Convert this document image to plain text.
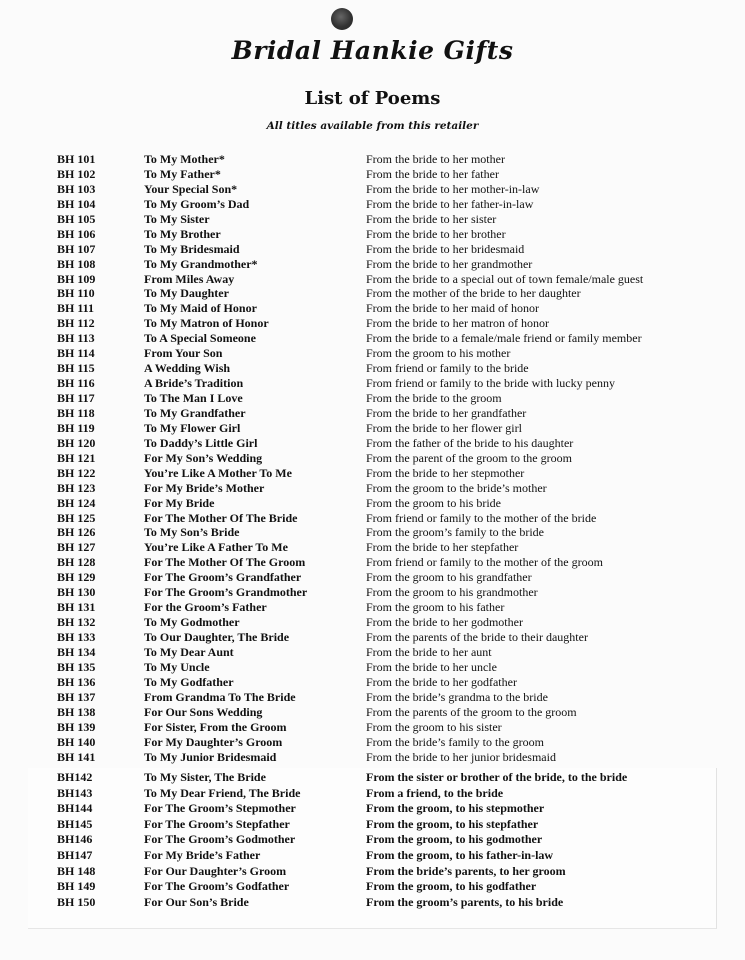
Bridal Hankie Gifts
List of Poems
All titles available from this retailer
BH 101	To My Mother*	From the bride to her mother
BH 102	To My Father*	From the bride to her father
BH 103	Your Special Son*	From the bride to her mother-in-law
BH 104	To My Groom’s Dad	From the bride to her father-in-law
BH 105	To My Sister	From the bride to her sister
BH 106	To My Brother	From the bride to her brother
BH 107	To My Bridesmaid	From the bride to her bridesmaid
BH 108	To My Grandmother*	From the bride to her grandmother
BH 109	From Miles Away	From the bride to a special out of town female/male guest
BH 110	To My Daughter	From the mother of the bride to her daughter
BH 111	To My Maid of Honor	From the bride to her maid of honor
BH 112	To My Matron of Honor	From the bride to her matron of honor
BH 113	To A Special Someone	From the bride to a female/male friend or family member
BH 114	From Your Son	From the groom to his mother
BH 115	A Wedding Wish	From friend or family to the bride
BH 116	A Bride’s Tradition	From friend or family to the bride with lucky penny
BH 117	To The Man I Love	From the bride to the groom
BH 118	To My Grandfather	From the bride to her grandfather
BH 119	To My Flower Girl	From the bride to her flower girl
BH 120	To Daddy’s Little Girl	From the father of the bride to his daughter
BH 121	For My Son’s Wedding	From the parent of the groom to the groom
BH 122	You’re Like A Mother To Me	From the bride to her stepmother
BH 123	For My Bride’s Mother	From the groom to the bride’s mother
BH 124	For My Bride	From the groom to his bride
BH 125	For The Mother Of The Bride	From friend or family to the mother of the bride
BH 126	To My Son’s Bride	From the groom’s family to the bride
BH 127	You’re Like A Father To Me	From the bride to her stepfather
BH 128	For The Mother Of The Groom	From friend or family to the mother of the groom
BH 129	For The Groom’s Grandfather	From the groom to his grandfather
BH 130	For The Groom’s Grandmother	From the groom to his grandmother
BH 131	For the Groom’s Father	From the groom to his father
BH 132	To My Godmother	From the bride to her godmother
BH 133	To Our Daughter, The Bride	From the parents of the bride to their daughter
BH 134	To My Dear Aunt	From the bride to her aunt
BH 135	To My Uncle	From the bride to her uncle
BH 136	To My Godfather	From the bride to her godfather
BH 137	From Grandma To The Bride	From the bride’s grandma to the bride
BH 138	For Our Sons Wedding	From the parents of the groom to the groom
BH 139	For Sister, From the Groom	From the groom to his sister
BH 140	For My Daughter’s Groom	From the bride’s family to the groom
BH 141	To My Junior Bridesmaid	From the bride to her junior bridesmaid
BH142	To My Sister, The Bride	From the sister or brother of the bride, to the bride
BH143	To My Dear Friend, The Bride	From a friend, to the bride
BH144	For The Groom’s Stepmother	From the groom, to his stepmother
BH145	For The Groom’s Stepfather	From the groom, to his stepfather
BH146	For The Groom’s Godmother	From the groom, to his godmother
BH147	For My Bride’s Father	From the groom, to his father-in-law
BH 148	For Our Daughter’s Groom	From the bride’s parents, to her groom
BH 149	For The Groom’s Godfather	From the groom, to his godfather
BH 150	For Our Son’s Bride	From the groom’s parents, to his bride
